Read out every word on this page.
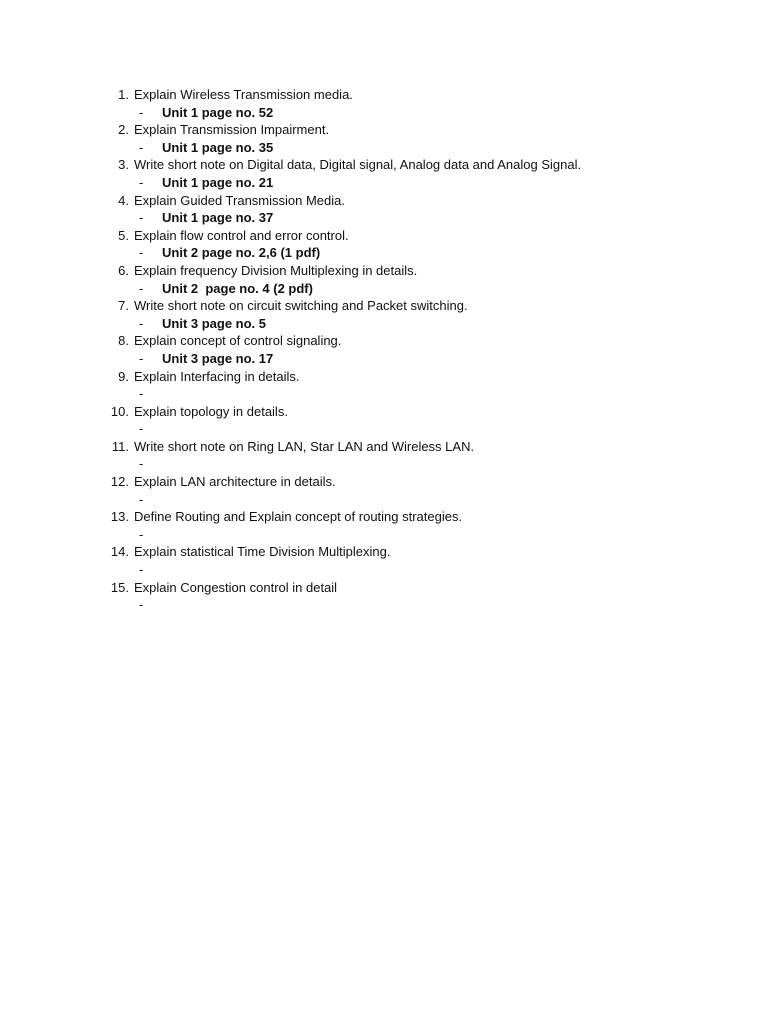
1. Explain Wireless Transmission media.
-	Unit 1 page no. 52
2. Explain Transmission Impairment.
-	Unit 1 page no. 35
3. Write short note on Digital data, Digital signal, Analog data and Analog Signal.
-	Unit 1 page no. 21
4. Explain Guided Transmission Media.
-	Unit 1 page no. 37
5. Explain flow control and error control.
-	Unit 2 page no. 2,6 (1 pdf)
6. Explain frequency Division Multiplexing in details.
-	Unit 2  page no. 4 (2 pdf)
7. Write short note on circuit switching and Packet switching.
-	Unit 3 page no. 5
8. Explain concept of control signaling.
-	Unit 3 page no. 17
9. Explain Interfacing in details.
-
10. Explain topology in details.
-
11. Write short note on Ring LAN, Star LAN and Wireless LAN.
-
12. Explain LAN architecture in details.
-
13. Define Routing and Explain concept of routing strategies.
-
14. Explain statistical Time Division Multiplexing.
-
15. Explain Congestion control in detail
-
